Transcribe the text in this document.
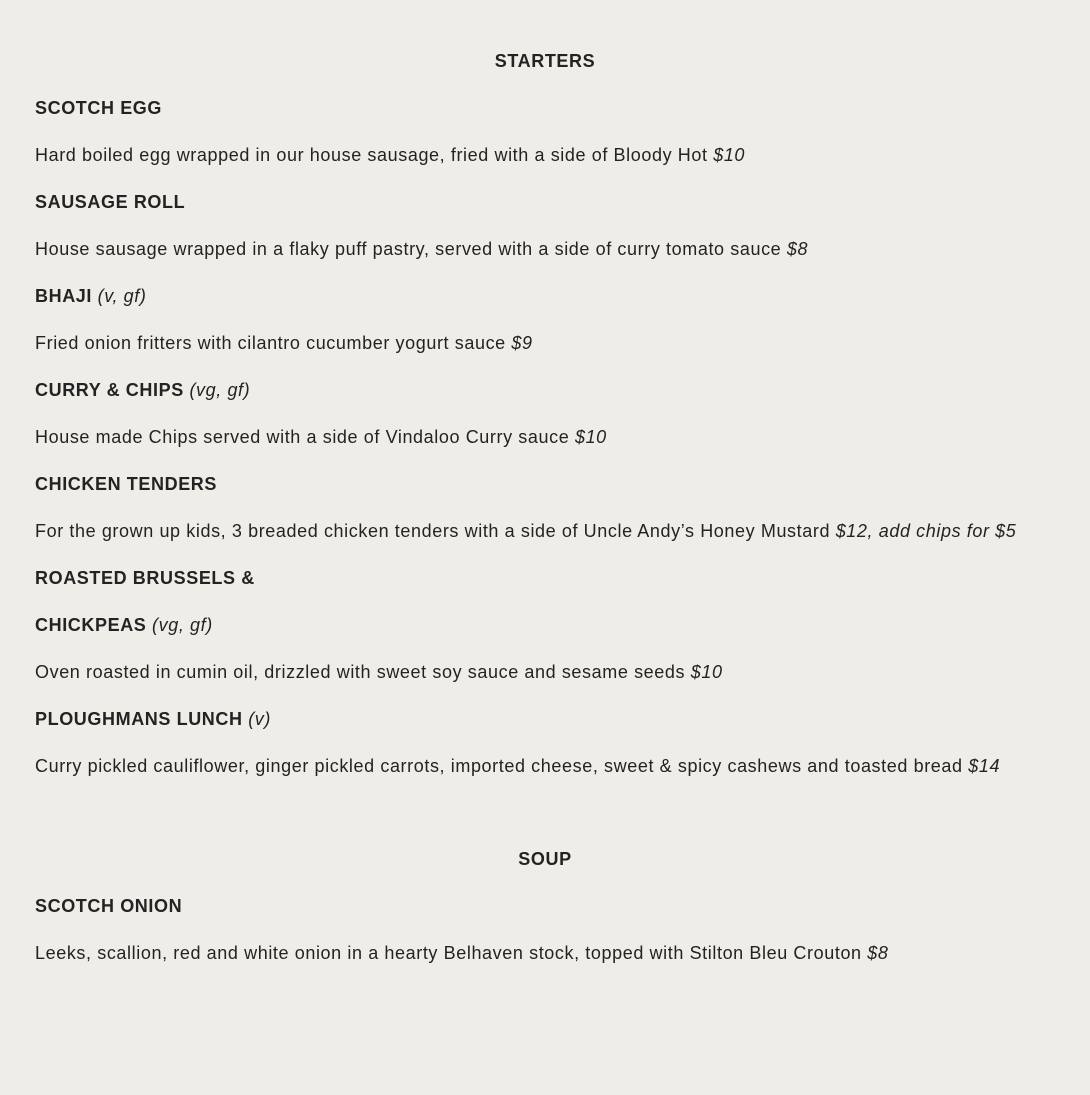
STARTERS

SCOTCH EGG

Hard boiled egg wrapped in our house sausage, fried with a side of Bloody Hot $10

SAUSAGE ROLL

House sausage wrapped in a flaky puff pastry, served with a side of curry tomato sauce $8

BHAJI (v, gf)

Fried onion fritters with cilantro cucumber yogurt sauce $9

CURRY & CHIPS (vg, gf)

House made Chips served with a side of Vindaloo Curry sauce $10

CHICKEN TENDERS

For the grown up kids, 3 breaded chicken tenders with a side of Uncle Andy’s Honey Mustard $12, add chips for $5

ROASTED BRUSSELS &

CHICKPEAS (vg, gf)

Oven roasted in cumin oil, drizzled with sweet soy sauce and sesame seeds $10

PLOUGHMANS LUNCH (v)

Curry pickled cauliflower, ginger pickled carrots, imported cheese, sweet & spicy cashews and toasted bread $14

SOUP

SCOTCH ONION

Leeks, scallion, red and white onion in a hearty Belhaven stock, topped with Stilton Bleu Crouton $8
